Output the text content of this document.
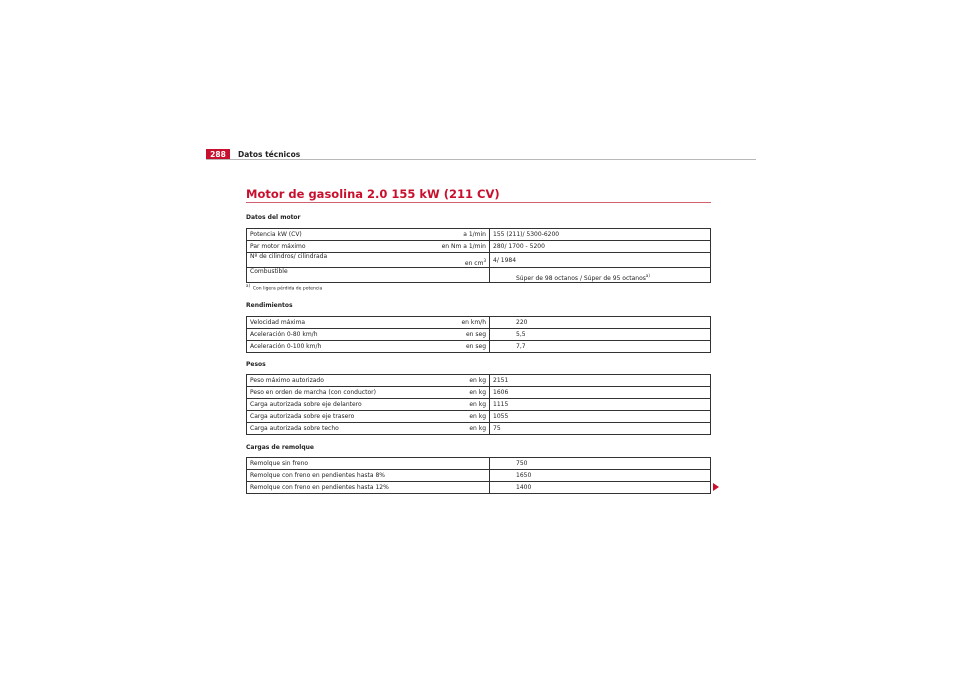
288	Datos técnicos
Motor de gasolina 2.0 155 kW (211 CV)
Datos del motor
Potencia kW (CV)	a 1/min	155 (211)/ 5300-6200
Par motor máximo	en Nm a 1/min	280/ 1700 - 5200
Nº de cilindros/ cilindrada	en $cm^3$	4/ 1984
Combustible		Súper de 98 octanos / Súper de 95 octanos$^{a)}$
$^{a)}$  Con ligera pérdida de potencia
Rendimientos
Velocidad máxima	en km/h	220
Aceleración 0-80 km/h	en seg	5,5
Aceleración 0-100 km/h	en seg	7,7
Pesos
Peso máximo autorizado	en kg	2151
Peso en orden de marcha (con conductor)	en kg	1606
Carga autorizada sobre eje delantero	en kg	1115
Carga autorizada sobre eje trasero	en kg	1055
Carga autorizada sobre techo	en kg	75
Cargas de remolque
Remolque sin freno		750
Remolque con freno en pendientes hasta 8%		1650
Remolque con freno en pendientes hasta 12%		1400
